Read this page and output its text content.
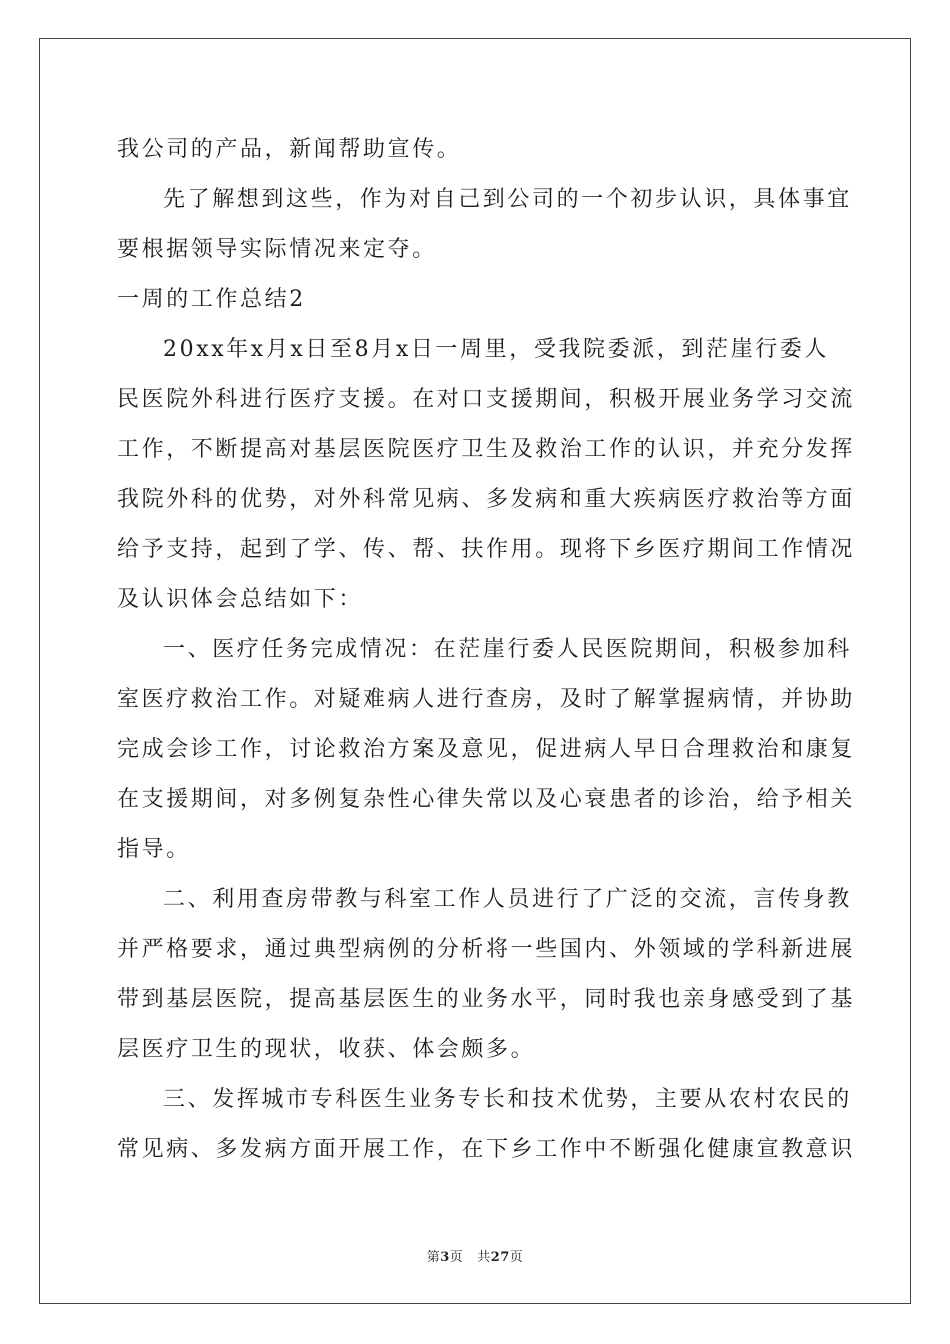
我公司的产品，新闻帮助宣传。
先了解想到这些，作为对自己到公司的一个初步认识，具体事宜
要根据领导实际情况来定夺。
一周的工作总结2
20xx年x月x日至8月x日一周里，受我院委派，到茫崖行委人
民医院外科进行医疗支援。在对口支援期间，积极开展业务学习交流
工作，不断提高对基层医院医疗卫生及救治工作的认识，并充分发挥
我院外科的优势，对外科常见病、多发病和重大疾病医疗救治等方面
给予支持，起到了学、传、帮、扶作用。现将下乡医疗期间工作情况
及认识体会总结如下：
一、医疗任务完成情况：在茫崖行委人民医院期间，积极参加科
室医疗救治工作。对疑难病人进行查房，及时了解掌握病情，并协助
完成会诊工作，讨论救治方案及意见，促进病人早日合理救治和康复
在支援期间，对多例复杂性心律失常以及心衰患者的诊治，给予相关
指导。
二、利用查房带教与科室工作人员进行了广泛的交流，言传身教
并严格要求，通过典型病例的分析将一些国内、外领域的学科新进展
带到基层医院，提高基层医生的业务水平，同时我也亲身感受到了基
层医疗卫生的现状，收获、体会颇多。
三、发挥城市专科医生业务专长和技术优势，主要从农村农民的
常见病、多发病方面开展工作，在下乡工作中不断强化健康宣教意识
第3页 共27页
